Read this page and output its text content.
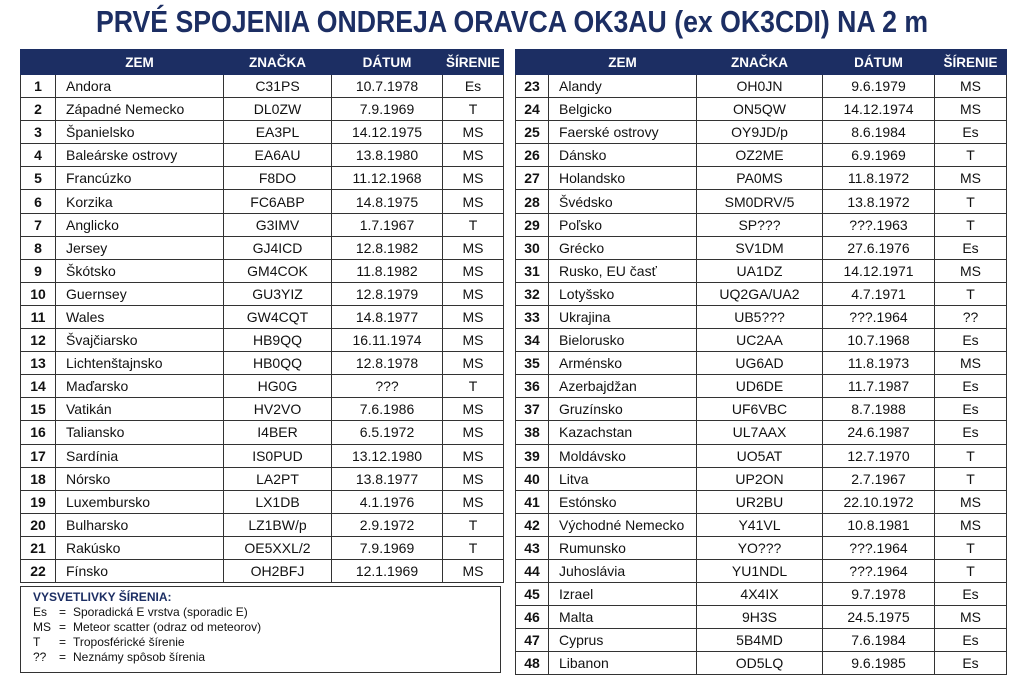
PRVÉ SPOJENIA ONDREJA ORAVCA OK3AU (ex OK3CDI) NA 2 m
	ZEM	ZNAČKA	DÁTUM	ŠÍRENIE
1	Andora	C31PS	10.7.1978	Es
2	Západné Nemecko	DL0ZW	7.9.1969	T
3	Španielsko	EA3PL	14.12.1975	MS
4	Baleárske ostrovy	EA6AU	13.8.1980	MS
5	Francúzko	F8DO	11.12.1968	MS
6	Korzika	FC6ABP	14.8.1975	MS
7	Anglicko	G3IMV	1.7.1967	T
8	Jersey	GJ4ICD	12.8.1982	MS
9	Škótsko	GM4COK	11.8.1982	MS
10	Guernsey	GU3YIZ	12.8.1979	MS
11	Wales	GW4CQT	14.8.1977	MS
12	Švajčiarsko	HB9QQ	16.11.1974	MS
13	Lichtenštajnsko	HB0QQ	12.8.1978	MS
14	Maďarsko	HG0G	???	T
15	Vatikán	HV2VO	7.6.1986	MS
16	Taliansko	I4BER	6.5.1972	MS
17	Sardínia	IS0PUD	13.12.1980	MS
18	Nórsko	LA2PT	13.8.1977	MS
19	Luxembursko	LX1DB	4.1.1976	MS
20	Bulharsko	LZ1BW/p	2.9.1972	T
21	Rakúsko	OE5XXL/2	7.9.1969	T
22	Fínsko	OH2BFJ	12.1.1969	MS
	ZEM	ZNAČKA	DÁTUM	ŠÍRENIE
23	Alandy	OH0JN	9.6.1979	MS
24	Belgicko	ON5QW	14.12.1974	MS
25	Faerské ostrovy	OY9JD/p	8.6.1984	Es
26	Dánsko	OZ2ME	6.9.1969	T
27	Holandsko	PA0MS	11.8.1972	MS
28	Švédsko	SM0DRV/5	13.8.1972	T
29	Poľsko	SP???	???.1963	T
30	Grécko	SV1DM	27.6.1976	Es
31	Rusko, EU časť	UA1DZ	14.12.1971	MS
32	Lotyšsko	UQ2GA/UA2	4.7.1971	T
33	Ukrajina	UB5???	???.1964	??
34	Bielorusko	UC2AA	10.7.1968	Es
35	Arménsko	UG6AD	11.8.1973	MS
36	Azerbajdžan	UD6DE	11.7.1987	Es
37	Gruzínsko	UF6VBC	8.7.1988	Es
38	Kazachstan	UL7AAX	24.6.1987	Es
39	Moldávsko	UO5AT	12.7.1970	T
40	Litva	UP2ON	2.7.1967	T
41	Estónsko	UR2BU	22.10.1972	MS
42	Východné Nemecko	Y41VL	10.8.1981	MS
43	Rumunsko	YO???	???.1964	T
44	Juhoslávia	YU1NDL	???.1964	T
45	Izrael	4X4IX	9.7.1978	Es
46	Malta	9H3S	24.5.1975	MS
47	Cyprus	5B4MD	7.6.1984	Es
48	Libanon	OD5LQ	9.6.1985	Es
VYSVETLIVKY ŠÍRENIA:
Es = Sporadická E vrstva (sporadic E)
MS = Meteor scatter (odraz od meteorov)
T	= Troposférické šírenie
??	= Neznámy spôsob šírenia
